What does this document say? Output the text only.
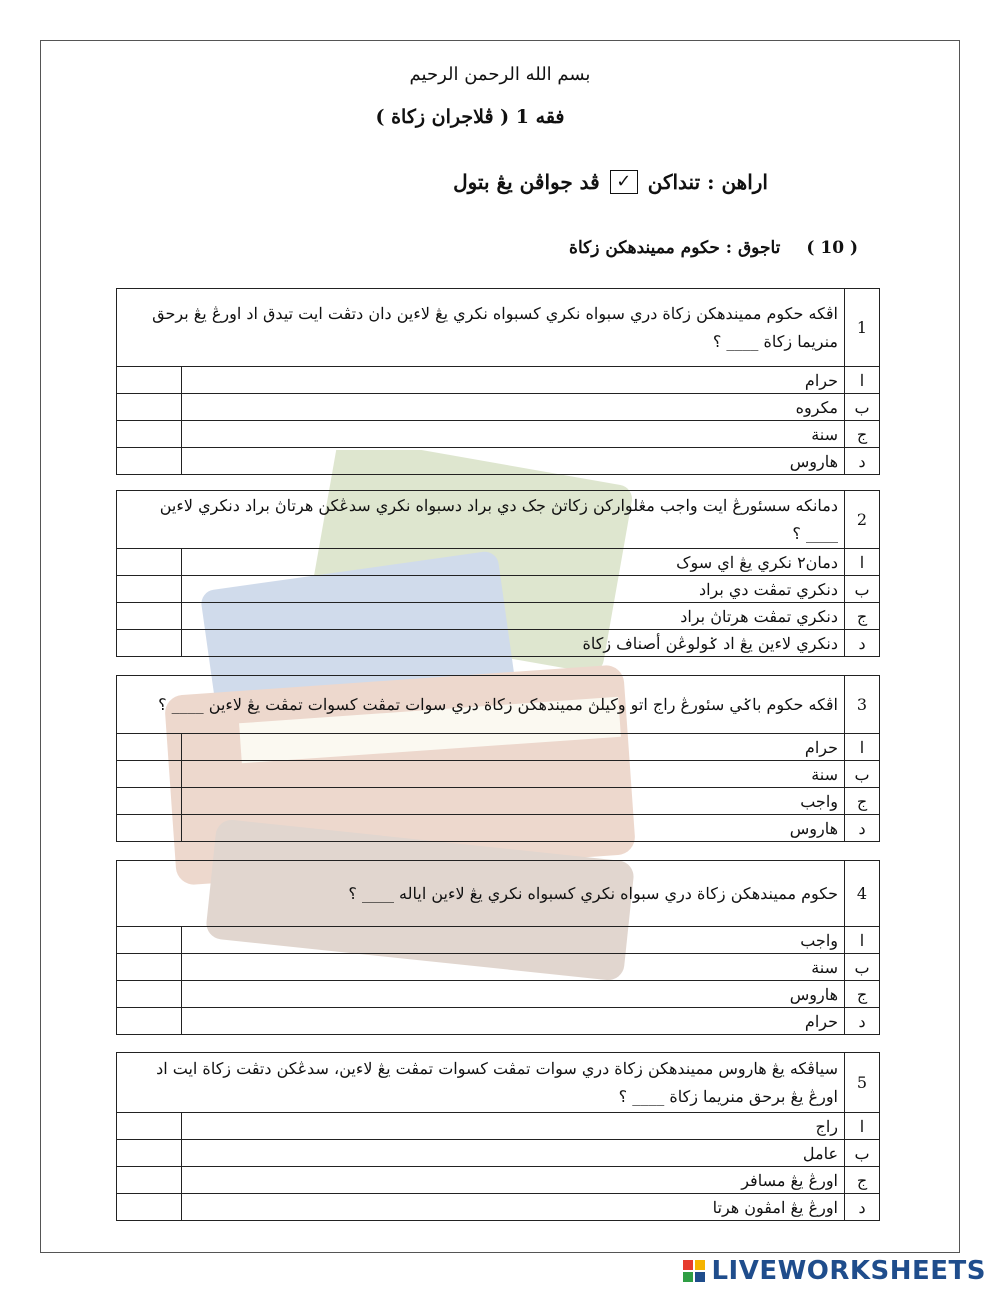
بسم الله الرحمن الرحيم
فقه 1 ( ڤلاجران زكاة )
اراهن : تنداکن
✓
ڤد جواڤن يڠ بتول
( 10 )
تاجوق : حکوم مميندهكن زكاة
1	اڤكه حكوم مميندهكن زكاة دري سبواه نکري كسبواه نکري يڠ لاءين دان دتڤت ايت تيدق اد اورڠ يڠ برحق منريما زكاة ____ ؟	
ا	حرام	
ب	مكروه	
ج	سنة	
د	هاروس	
2	دمانكه سسئورڠ ايت واجب مڠلواركن زكاتڽ جک دي براد دسبواه نکري سدڠکن هرتاڽ براد دنکري لاءين ____ ؟	
ا	دمان٢ نکري يڠ اي سوک	
ب	دنکري تمڤت دي براد	
ج	دنکري تمڤت هرتاڽ براد	
د	دنکري لاءين يڠ اد ݢولوڠن أصناف زكاة	
3	اڤكه حكوم باݢي سئورڠ راج اتو وكيلڽ مميندهكن زكاة دري سوات تمڤت كسوات تمڤت يڠ لاءين ____ ؟	
ا	حرام	
ب	سنة	
ج	واجب	
د	هاروس	
4	حكوم مميندهكن زكاة دري سبواه نکري كسبواه نکري يڠ لاءين اياله ____ ؟	
ا	واجب	
ب	سنة	
ج	هاروس	
د	حرام	
5	سياڤكه يڠ هاروس مميندهكن زكاة دري سوات تمڤت كسوات تمڤت يڠ لاءين، سدڠکن دتڤت زكاة ايت اد اورڠ يڠ برحق منريما زكاة ____ ؟	
ا	راج	
ب	عامل	
ج	اورڠ يڠ مسافر	
د	اورڠ يڠ امڤون هرتا	
LIVEWORKSHEETS
